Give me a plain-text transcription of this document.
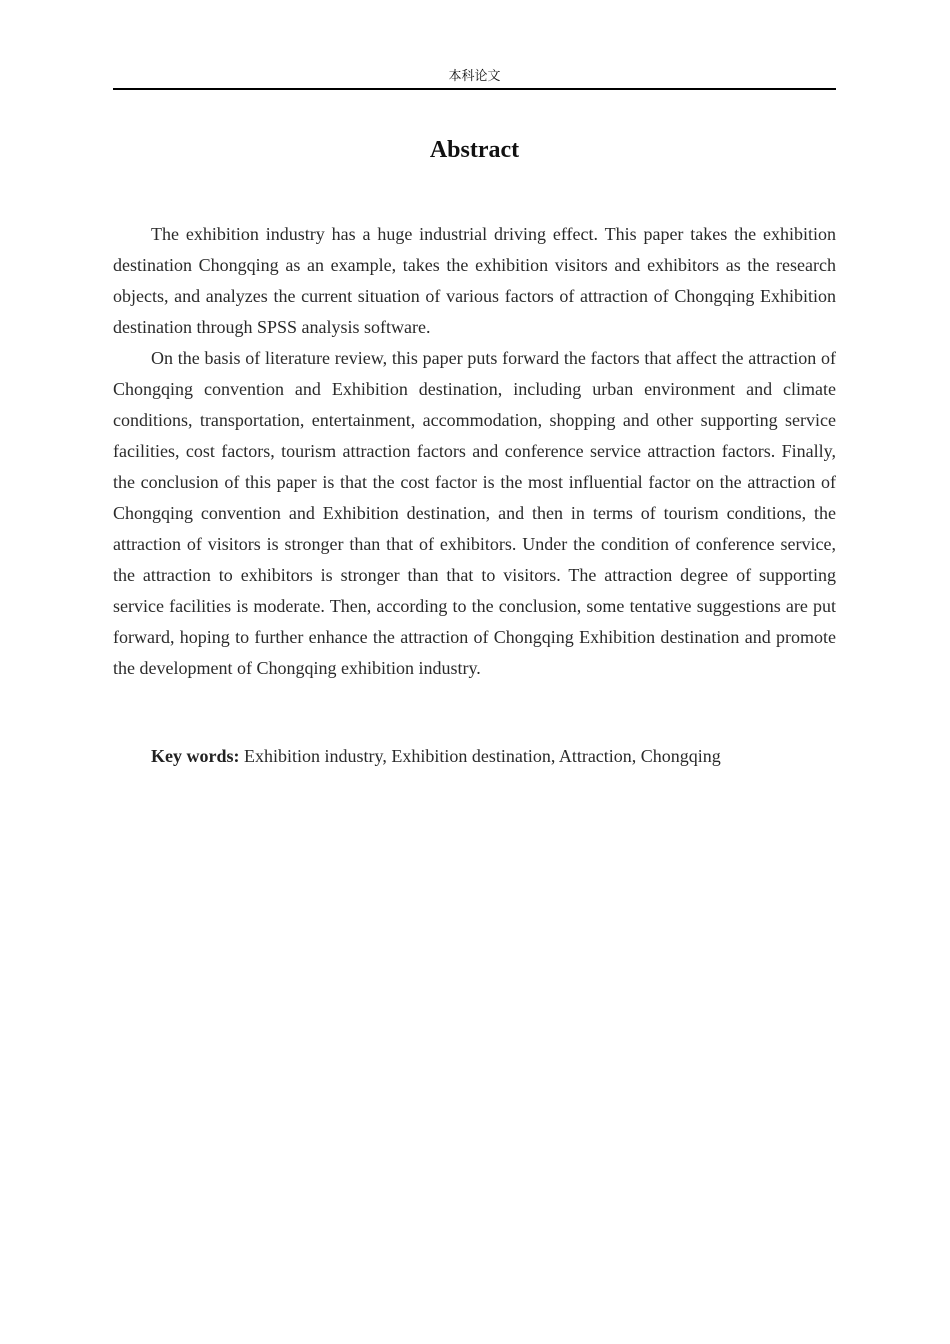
本科论文
Abstract

The exhibition industry has a huge industrial driving effect. This paper takes the exhibition destination Chongqing as an example, takes the exhibition visitors and exhibitors as the research objects, and analyzes the current situation of various factors of attraction of Chongqing Exhibition destination through SPSS analysis software.

On the basis of literature review, this paper puts forward the factors that affect the attraction of Chongqing convention and Exhibition destination, including urban environment and climate conditions, transportation, entertainment, accommodation, shopping and other supporting service facilities, cost factors, tourism attraction factors and conference service attraction factors. Finally, the conclusion of this paper is that the cost factor is the most influential factor on the attraction of Chongqing convention and Exhibition destination, and then in terms of tourism conditions, the attraction of visitors is stronger than that of exhibitors. Under the condition of conference service, the attraction to exhibitors is stronger than that to visitors. The attraction degree of supporting service facilities is moderate. Then, according to the conclusion, some tentative suggestions are put forward, hoping to further enhance the attraction of Chongqing Exhibition destination and promote the development of Chongqing exhibition industry.

Key words: Exhibition industry, Exhibition destination, Attraction, Chongqing
